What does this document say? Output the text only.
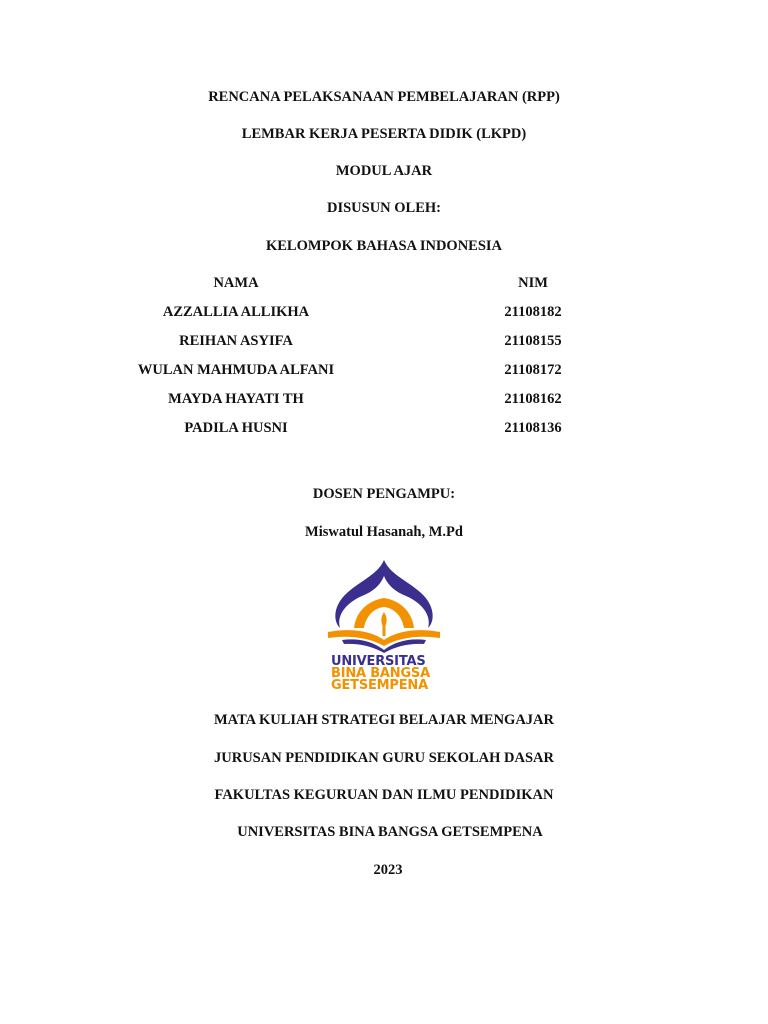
RENCANA PELAKSANAAN PEMBELAJARAN (RPP)
LEMBAR KERJA PESERTA DIDIK (LKPD)
MODUL AJAR
DISUSUN OLEH:
KELOMPOK BAHASA INDONESIA
NAMA	NIM
AZZALLIA ALLIKHA	21108182
REIHAN ASYIFA	21108155
WULAN MAHMUDA ALFANI	21108172
MAYDA HAYATI TH	21108162
PADILA HUSNI	21108136
DOSEN PENGAMPU:
Miswatul Hasanah, M.Pd
UNIVERSITAS
BINA BANGSA
GETSEMPENA
MATA KULIAH STRATEGI BELAJAR MENGAJAR
JURUSAN PENDIDIKAN GURU SEKOLAH DASAR
FAKULTAS KEGURUAN DAN ILMU PENDIDIKAN
UNIVERSITAS BINA BANGSA GETSEMPENA
2023
